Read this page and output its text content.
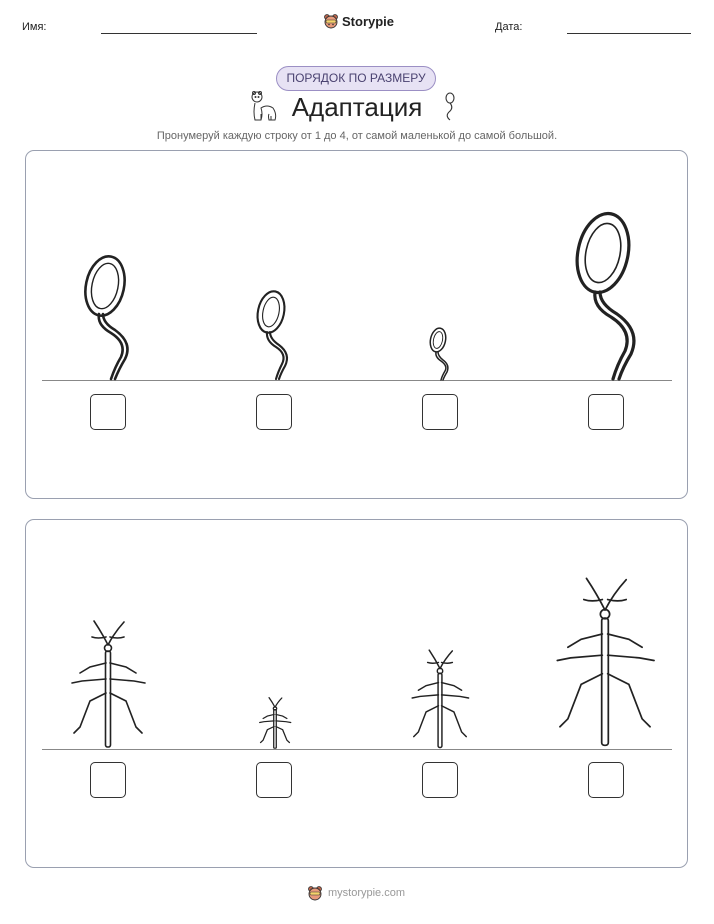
Имя:	Storypie	Дата:
ПОРЯДОК ПО РАЗМЕРУ
Адаптация
Пронумеруй каждую строку от 1 до 4, от самой маленькой до самой большой.
mystorypie.com
